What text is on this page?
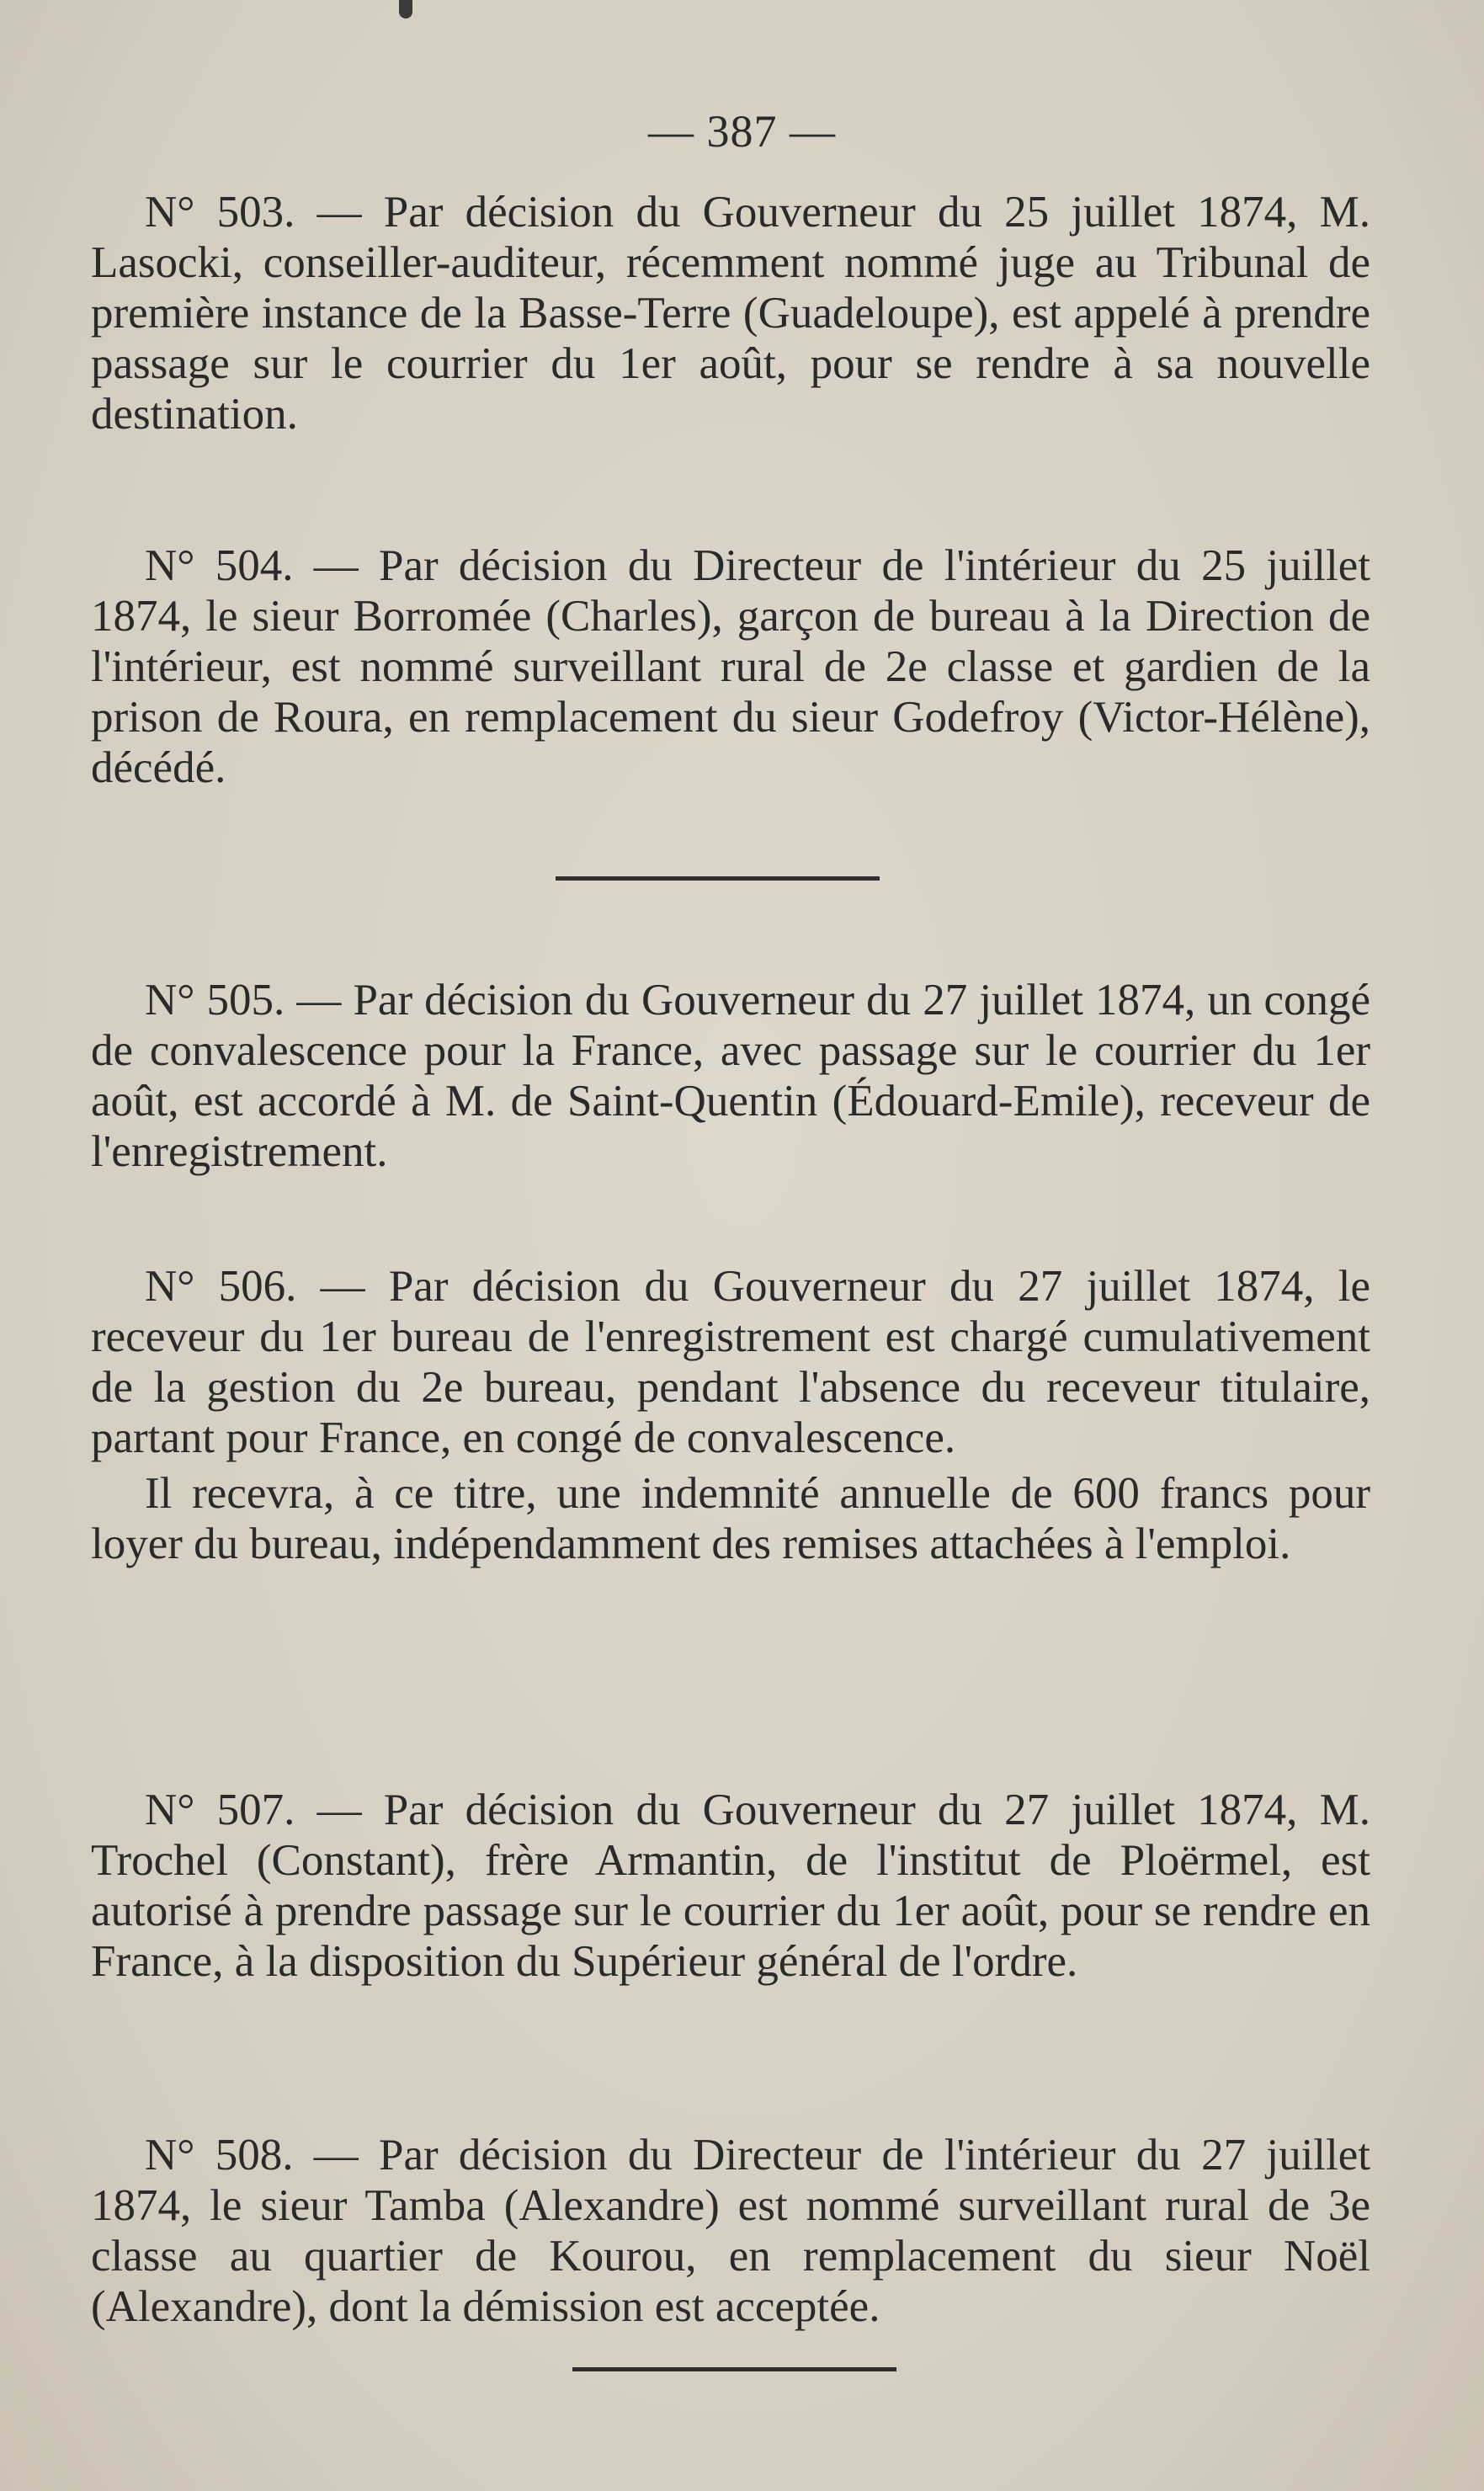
— 387 —

N° 503. — Par décision du Gouverneur du 25 juillet 1874, M. Lasocki, conseiller-auditeur, récemment nommé juge au Tribunal de première instance de la Basse-Terre (Guadeloupe), est appelé à prendre passage sur le courrier du 1er août, pour se rendre à sa nouvelle destination.

N° 504. — Par décision du Directeur de l'intérieur du 25 juillet 1874, le sieur Borromée (Charles), garçon de bureau à la Direction de l'intérieur, est nommé surveillant rural de 2e classe et gardien de la prison de Roura, en remplacement du sieur Godefroy (Victor-Hélène), décédé.

N° 505. — Par décision du Gouverneur du 27 juillet 1874, un congé de convalescence pour la France, avec passage sur le courrier du 1er août, est accordé à M. de Saint-Quentin (Édouard-Emile), receveur de l'enregistrement.

N° 506. — Par décision du Gouverneur du 27 juillet 1874, le receveur du 1er bureau de l'enregistrement est chargé cumulativement de la gestion du 2e bureau, pendant l'absence du receveur titulaire, partant pour France, en congé de convalescence.

Il recevra, à ce titre, une indemnité annuelle de 600 francs pour loyer du bureau, indépendamment des remises attachées à l'emploi.

N° 507. — Par décision du Gouverneur du 27 juillet 1874, M. Trochel (Constant), frère Armantin, de l'institut de Ploërmel, est autorisé à prendre passage sur le courrier du 1er août, pour se rendre en France, à la disposition du Supérieur général de l'ordre.

N° 508. — Par décision du Directeur de l'intérieur du 27 juillet 1874, le sieur Tamba (Alexandre) est nommé surveillant rural de 3e classe au quartier de Kourou, en remplacement du sieur Noël (Alexandre), dont la démission est acceptée.
